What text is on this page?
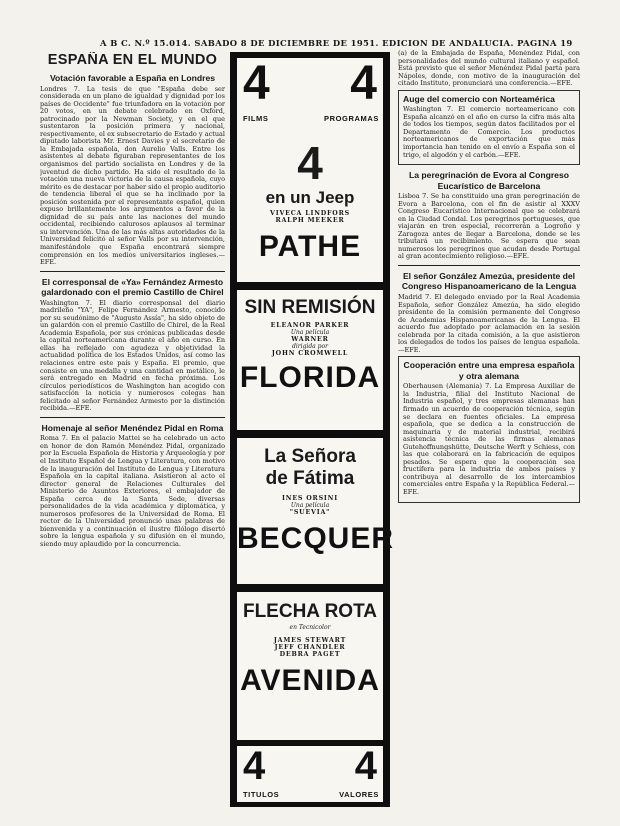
A B C. N.º 15.014. SABADO 8 DE DICIEMBRE DE 1951. EDICION DE ANDALUCIA. PAGINA 19
ESPAÑA EN EL MUNDO
Votación favorable a España en Londres
Londres 7. La tesis de que "España debe ser considerada en un plano de igualdad y dignidad por los países de Occidente" fue triunfadora en la votación por 20 votos, en un debate celebrado en Oxford, patrocinado por la Newman Society, y en el que sustentaron la posición primera y nacional, respectivamente, el ex subsecretario de Estado y actual diputado laborista Mr. Ernest Davies y el secretario de la Embajada española, don Aurelio Valls. Entre los asistentes al debate figuraban representantes de los organismos del partido socialista en Londres y de la juventud de dicho partido. Ha sido el resultado de la votación una nueva victoria de la causa española, cuyo mérito es de destacar por haber sido el propio auditorio de tendencia liberal el que se ha inclinado por la posición sostenida por el representante español, quien expuso brillantemente los argumentos a favor de la dignidad de su país ante las naciones del mundo occidental, recibiendo calurosos aplausos al terminar su intervención. Una de las más altas autoridades de la Universidad felicitó al señor Valls por su intervención, manifestándole que España encontrará siempre comprensión en los medios universitarios ingleses.—EFE.
El corresponsal de «Ya» Fernández Armesto galardonado con el premio Castillo de Chirel
Washington 7. El diario corresponsal del diario madrileño "YA", Felipe Fernández Armesto, conocido por su seudónimo de "Augusto Assía", ha sido objeto de un galardón con el premio Castillo de Chirel, de la Real Academia Española, por sus crónicas publicadas desde la capital norteamericana durante el año en curso. En ellas ha reflejado con agudeza y objetividad la actualidad política de los Estados Unidos, así como las relaciones entre este país y España. El premio, que consiste en una medalla y una cantidad en metálico, le será entregado en Madrid en fecha próxima. Los círculos periodísticos de Washington han acogido con satisfacción la noticia y numerosos colegas han felicitado al señor Fernández Armesto por la distinción recibida.—EFE.
Homenaje al señor Menéndez Pidal en Roma
Roma 7. En el palacio Mattei se ha celebrado un acto en honor de don Ramón Menéndez Pidal, organizado por la Escuela Española de Historia y Arqueología y por el Instituto Español de Lengua y Literatura, con motivo de la inauguración del Instituto de Lengua y Literatura Española en la capital italiana. Asistieron al acto el director general de Relaciones Culturales del Ministerio de Asuntos Exteriores, el embajador de España cerca de la Santa Sede, diversas personalidades de la vida académica y diplomática, y numerosos profesores de la Universidad de Roma. El rector de la Universidad pronunció unas palabras de bienvenida y a continuación el ilustre filólogo disertó sobre la lengua española y su difusión en el mundo, siendo muy aplaudido por la concurrencia.
4
FILMS
4
PROGRAMAS
4
en un Jeep
VIVECA LINDFORS
RALPH MEEKER
PATHE
SIN REMISIÓN
ELEANOR PARKER
Una película
WARNER
dirigida por
JOHN CROMWELL
FLORIDA
La Señora
de Fátima
INES ORSINI
Una película
"SUEVIA"
BECQUER
FLECHA ROTA
en Tecnicolor
JAMES STEWART
JEFF CHANDLER
DEBRA PAGET
AVENIDA
4
TITULOS
4
VALORES
(a) de la Embajada de España, Menéndez Pidal, con personalidades del mundo cultural italiano y español. Está previsto que el señor Menéndez Pidal parta para Nápoles, donde, con motivo de la inauguración del citado Instituto, pronunciará una conferencia.—EFE.
Auge del comercio con Norteamérica
Washington 7. El comercio norteamericano con España alcanzó en el año en curso la cifra más alta de todos los tiempos, según datos facilitados por el Departamento de Comercio. Los productos norteamericanos de exportación que más importancia han tenido en el envío a España son el trigo, el algodón y el carbón.—EFE.
La peregrinación de Evora al Congreso Eucarístico de Barcelona
Lisboa 7. Se ha constituido una gran peregrinación de Evora a Barcelona, con el fin de asistir al XXXV Congreso Eucarístico Internacional que se celebrará en la Ciudad Condal. Los peregrinos portugueses, que viajarán en tren especial, recorrerán a Logroño y Zaragoza antes de llegar a Barcelona, donde se les tributará un recibimiento. Se espera que sean numerosos los peregrinos que acudan desde Portugal al gran acontecimiento religioso.—EFE.
El señor González Amezúa, presidente del Congreso Hispanoamericano de la Lengua
Madrid 7. El delegado enviado por la Real Academia Española, señor González Amezúa, ha sido elegido presidente de la comisión permanente del Congreso de Academias Hispanoamericanas de la Lengua. El acuerdo fue adoptado por aclamación en la sesión celebrada por la citada comisión, a la que asistieron los delegados de todos los países de lengua española.—EFE.
Cooperación entre una empresa española y otra alemana
Oberhausen (Alemania) 7. La Empresa Auxiliar de la Industria, filial del Instituto Nacional de Industria español, y tres empresas alemanas han firmado un acuerdo de cooperación técnica, según se declara en fuentes oficiales. La empresa española, que se dedica a la construcción de maquinaria y de material industrial, recibirá asistencia técnica de las firmas alemanas Gutehoffnungshütte, Deutsche Werft y Schiess, con las que colaborará en la fabricación de equipos pesados. Se espera que la cooperación sea fructífera para la industria de ambos países y contribuya al desarrollo de los intercambios comerciales entre España y la República Federal.—EFE.
